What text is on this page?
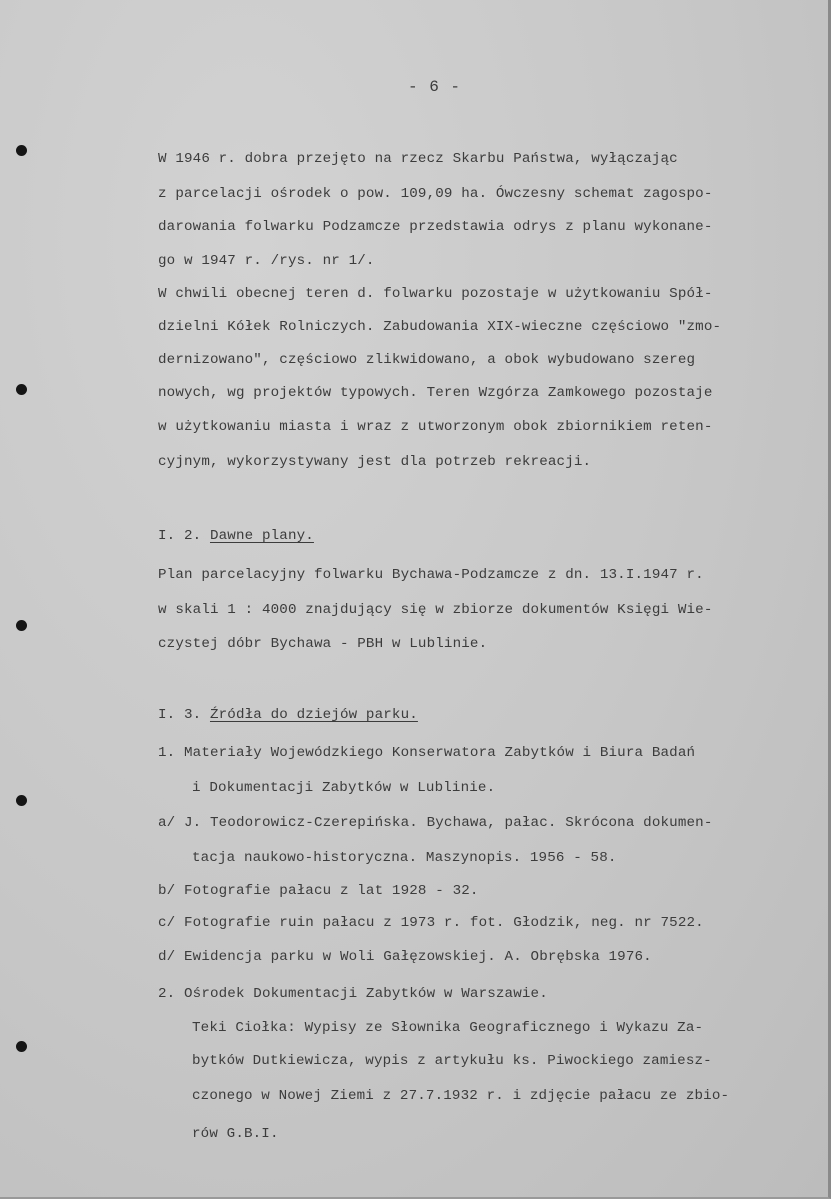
- 6 -
W 1946 r. dobra przejęto na rzecz Skarbu Państwa, wyłączając
z parcelacji ośrodek o pow. 109,09 ha. Ówczesny schemat zagospo-
darowania folwarku Podzamcze przedstawia odrys z planu wykonane-
go w 1947 r. /rys. nr 1/.
W chwili obecnej teren d. folwarku pozostaje w użytkowaniu Spół-
dzielni Kółek Rolniczych. Zabudowania XIX-wieczne częściowo "zmo-
dernizowano", częściowo zlikwidowano, a obok wybudowano szereg
nowych, wg projektów typowych. Teren Wzgórza Zamkowego pozostaje
w użytkowaniu miasta i wraz z utworzonym obok zbiornikiem reten-
cyjnym, wykorzystywany jest dla potrzeb rekreacji.
I. 2. Dawne plany.
Plan parcelacyjny folwarku Bychawa-Podzamcze z dn. 13.I.1947 r.
w skali 1 : 4000 znajdujący się w zbiorze dokumentów Księgi Wie-
czystej dóbr Bychawa - PBH w Lublinie.
I. 3. Źródła do dziejów parku.
1. Materiały Wojewódzkiego Konserwatora Zabytków i Biura Badań
i Dokumentacji Zabytków w Lublinie.
a/ J. Teodorowicz-Czerepińska. Bychawa, pałac. Skrócona dokumen-
tacja naukowo-historyczna. Maszynopis. 1956 - 58.
b/ Fotografie pałacu z lat 1928 - 32.
c/ Fotografie ruin pałacu z 1973 r. fot. Głodzik, neg. nr 7522.
d/ Ewidencja parku w Woli Gałęzowskiej. A. Obrębska 1976.
2. Ośrodek Dokumentacji Zabytków w Warszawie.
Teki Ciołka: Wypisy ze Słownika Geograficznego i Wykazu Za-
bytków Dutkiewicza, wypis z artykułu ks. Piwockiego zamiesz-
czonego w Nowej Ziemi z 27.7.1932 r. i zdjęcie pałacu ze zbio-
rów G.B.I.
